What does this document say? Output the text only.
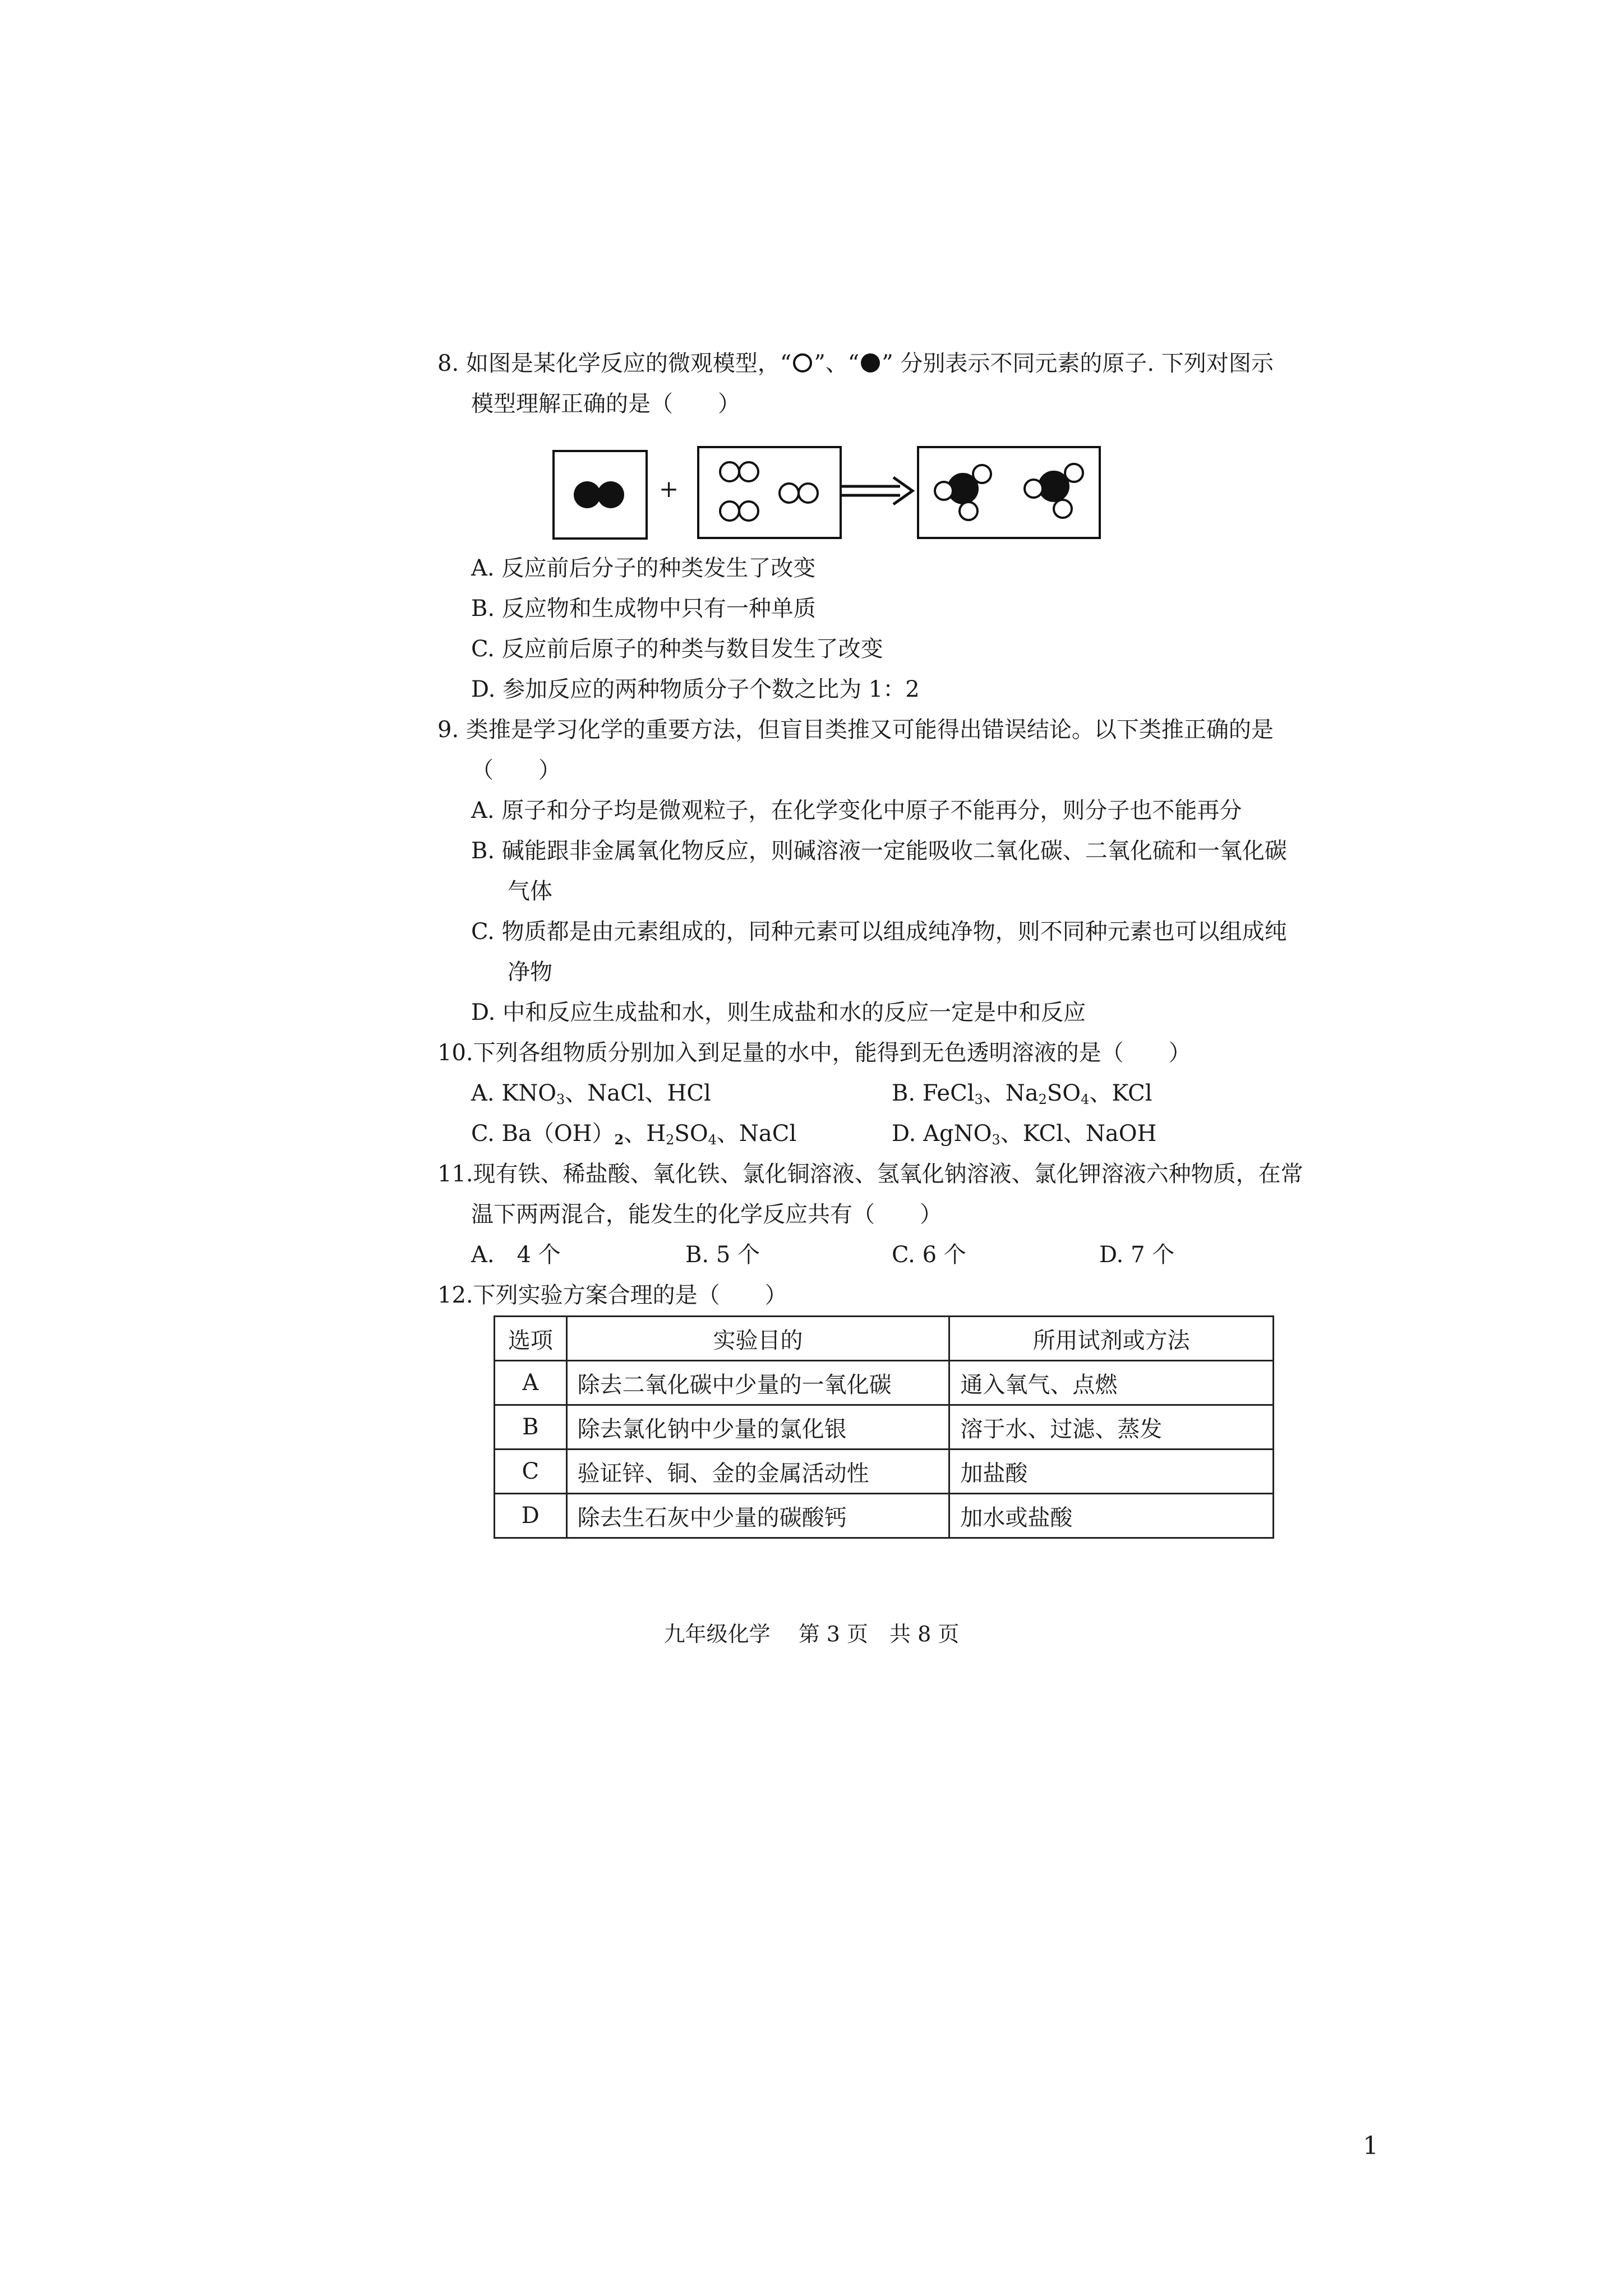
8. 如图是某化学反应的微观模型，“ ”、“ ” 分别表示不同元素的原子. 下列对图示
模型理解正确的是（　　）
+
A. 反应前后分子的种类发生了改变
B. 反应物和生成物中只有一种单质
C. 反应前后原子的种类与数目发生了改变
D. 参加反应的两种物质分子个数之比为 1：2
9. 类推是学习化学的重要方法，但盲目类推又可能得出错误结论。以下类推正确的是
（　　）
A. 原子和分子均是微观粒子，在化学变化中原子不能再分，则分子也不能再分
B. 碱能跟非金属氧化物反应，则碱溶液一定能吸收二氧化碳、二氧化硫和一氧化碳
气体
C. 物质都是由元素组成的，同种元素可以组成纯净物，则不同种元素也可以组成纯
净物
D. 中和反应生成盐和水，则生成盐和水的反应一定是中和反应
10.下列各组物质分别加入到足量的水中，能得到无色透明溶液的是（　　）
A. $KNO_3$、NaCl、HCl	B. FeCl$_3$、$Na_2SO_4$、KCl
C. $Ba(OH)_2$、$H_2SO_4$、NaCl	D. AgNO$_3$、KCl、NaOH
11.现有铁、稀盐酸、氧化铁、氯化铜溶液、氢氧化钠溶液、氯化钾溶液六种物质，在常
温下两两混合，能发生的化学反应共有（　　）
A.　4 个	B. 5 个	C. 6 个	D. 7 个
12.下列实验方案合理的是（　　）
选项	实验目的	所用试剂或方法
A	除去二氧化碳中少量的一氧化碳	通入氧气、点燃
B	除去氯化钠中少量的氯化银	溶于水、过滤、蒸发
C	验证锌、铜、金的金属活动性	加盐酸
D	除去生石灰中少量的碳酸钙	加水或盐酸
九年级化学　 第 3 页　共 8 页
1
